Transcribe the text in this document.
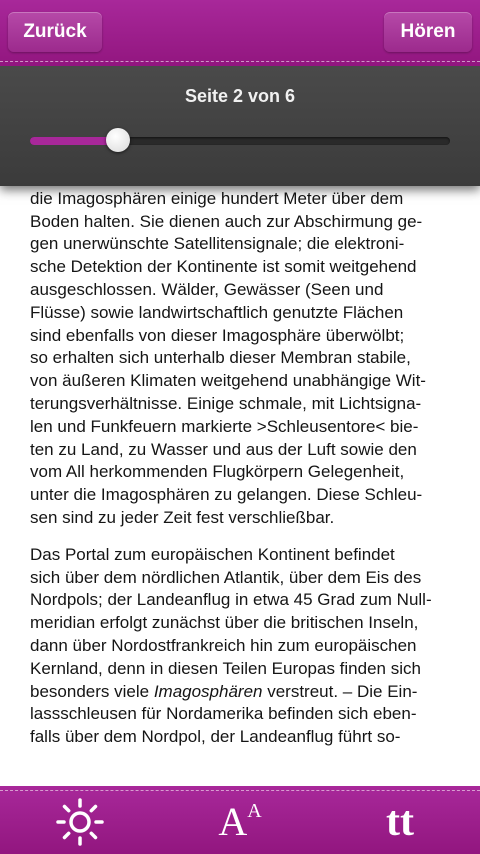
Zurück	Hören
Seite 2 von 6

die Imagosphären einige hundert Meter über dem
Boden halten. Sie dienen auch zur Abschirmung ge-
gen unerwünschte Satellitensignale; die elektroni-
sche Detektion der Kontinente ist somit weitgehend
ausgeschlossen. Wälder, Gewässer (Seen und
Flüsse) sowie landwirtschaftlich genutzte Flächen
sind ebenfalls von dieser Imagosphäre überwölbt;
so erhalten sich unterhalb dieser Membran stabile,
von äußeren Klimaten weitgehend unabhängige Wit-
terungsverhältnisse. Einige schmale, mit Lichtsigna-
len und Funkfeuern markierte >Schleusentore< bie-
ten zu Land, zu Wasser und aus der Luft sowie den
vom All herkommenden Flugkörpern Gelegenheit,
unter die Imagosphären zu gelangen. Diese Schleu-
sen sind zu jeder Zeit fest verschließbar.

Das Portal zum europäischen Kontinent befindet
sich über dem nördlichen Atlantik, über dem Eis des
Nordpols; der Landeanflug in etwa 45 Grad zum Null-
meridian erfolgt zunächst über die britischen Inseln,
dann über Nordostfrankreich hin zum europäischen
Kernland, denn in diesen Teilen Europas finden sich
besonders viele Imagosphären verstreut. – Die Ein-
lassschleusen für Nordamerika befinden sich eben-
falls über dem Nordpol, der Landeanflug führt so-

$A^A$	tt
